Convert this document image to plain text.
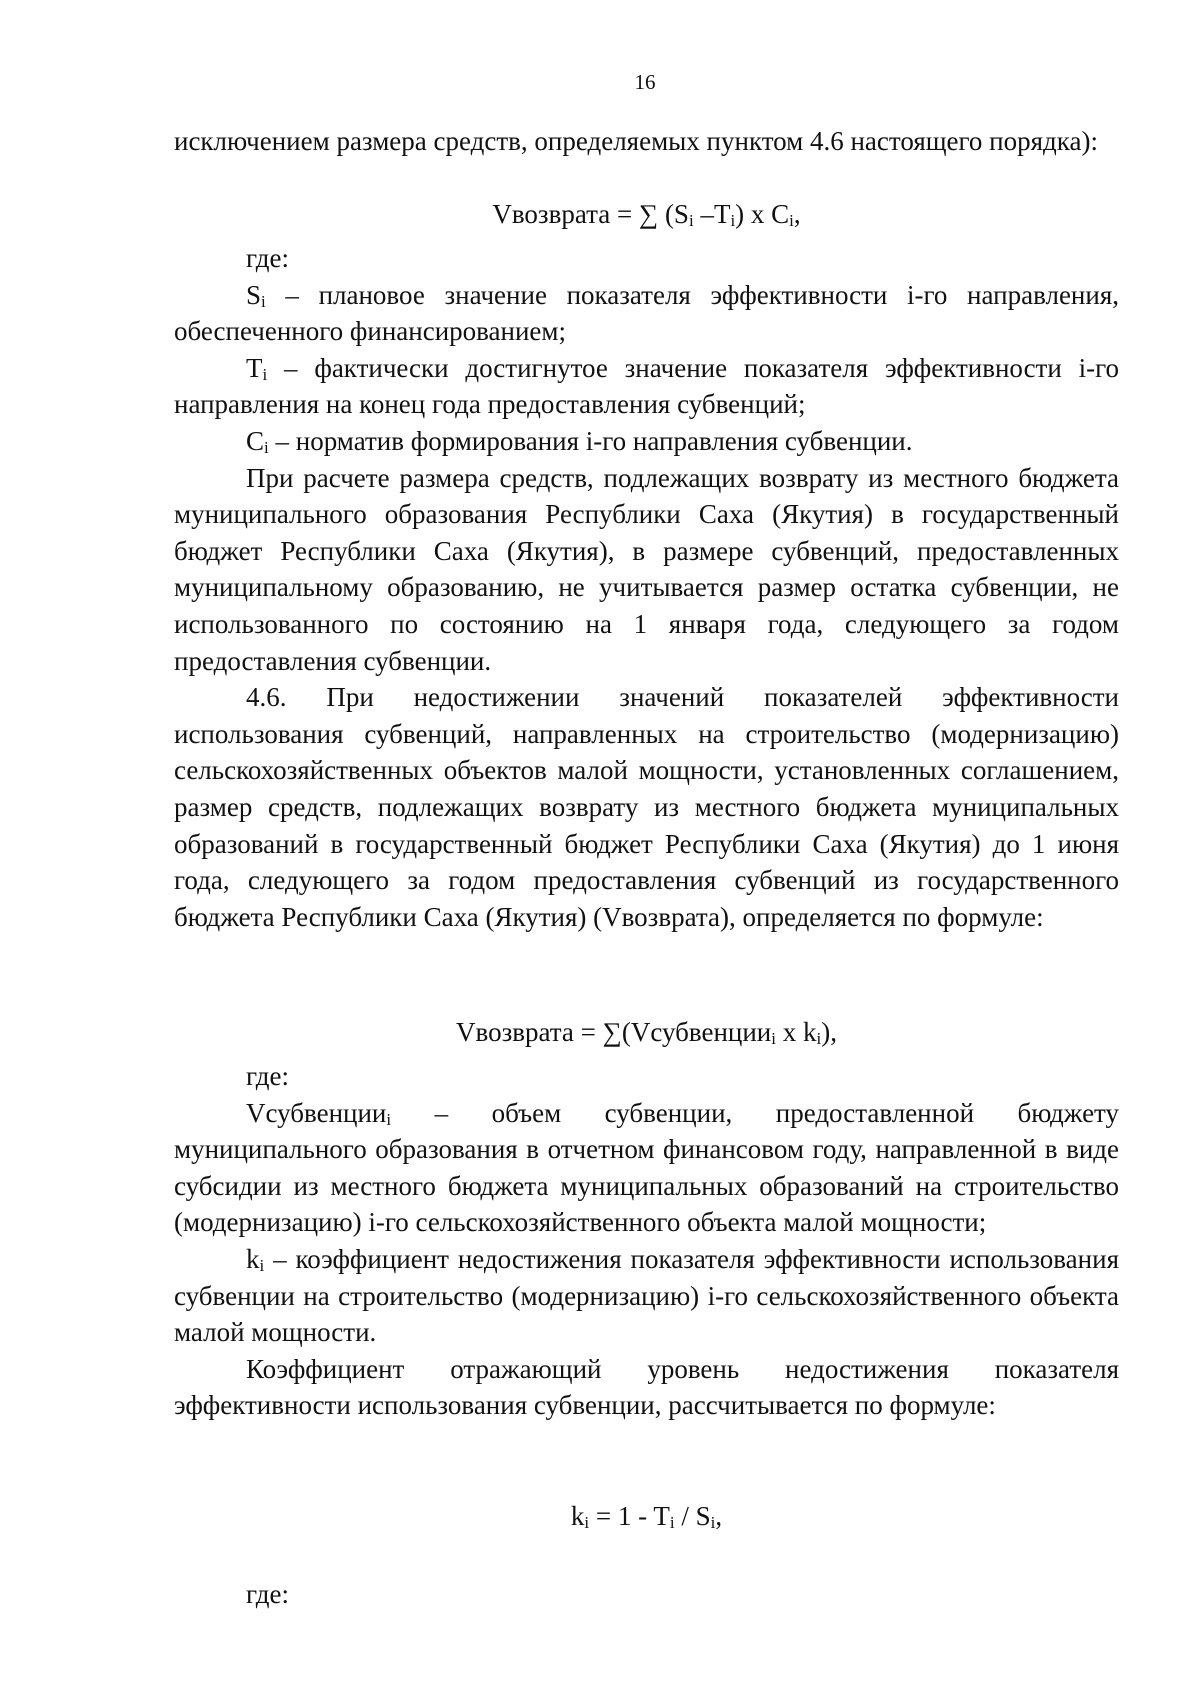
16

исключением размера средств, определяемых пунктом 4.6 настоящего порядка):

Vвозврата = ∑ ($S_i$ $-T_i$) х $C_i$,

где:

$S_i$ – плановое значение показателя эффективности i-го направления, обеспеченного финансированием;

$T_i$ – фактически достигнутое значение показателя эффективности i-го направления на конец года предоставления субвенций;

$C_i$ – норматив формирования i-го направления субвенции.

При расчете размера средств, подлежащих возврату из местного бюджета муниципального образования Республики Саха (Якутия) в государственный бюджет Республики Саха (Якутия), в размере субвенций, предоставленных муниципальному образованию, не учитывается размер остатка субвенции, не использованного по состоянию на 1 января года, следующего за годом предоставления субвенции.

4.6. При недостижении значений показателей эффективности использования субвенций, направленных на строительство (модернизацию) сельскохозяйственных объектов малой мощности, установленных соглашением, размер средств, подлежащих возврату из местного бюджета муниципальных образований в государственный бюджет Республики Саха (Якутия) до 1 июня года, следующего за годом предоставления субвенций из государственного бюджета Республики Саха (Якутия) (Vвозврата), определяется по формуле:

Vвозврата = ∑(Vсубвенции$_i$ х $k_i$),

где:

Vсубвенции$_i$ – объем субвенции, предоставленной бюджету муниципального образования в отчетном финансовом году, направленной в виде субсидии из местного бюджета муниципальных образований на строительство (модернизацию) i-го сельскохозяйственного объекта малой мощности;

$k_i$ – коэффициент недостижения показателя эффективности использования субвенции на строительство (модернизацию) i-го сельскохозяйственного объекта малой мощности.

Коэффициент отражающий уровень недостижения показателя эффективности использования субвенции, рассчитывается по формуле:

$k_i = 1 - T_i / S_i$,

где:
